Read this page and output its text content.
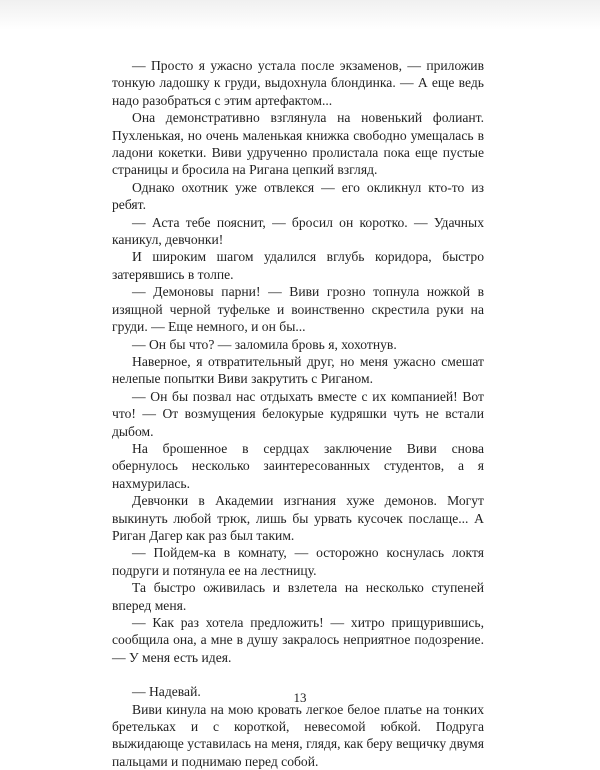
— Просто я ужасно устала после экзаменов, — приложив тонкую ладошку к груди, выдохнула блондинка. — А еще ведь надо разобраться с этим артефактом...

Она демонстративно взглянула на новенький фолиант. Пухленькая, но очень маленькая книжка свободно умещалась в ладони кокетки. Виви удрученно пролистала пока еще пустые страницы и бросила на Ригана цепкий взгляд.

Однако охотник уже отвлекся — его окликнул кто-то из ребят.

— Аста тебе пояснит, — бросил он коротко. — Удачных каникул, девчонки!

И широким шагом удалился вглубь коридора, быстро затерявшись в толпе.

— Демоновы парни! — Виви грозно топнула ножкой в изящной черной туфельке и воинственно скрестила руки на груди. — Еще немного, и он бы...

— Он бы что? — заломила бровь я, хохотнув.

Наверное, я отвратительный друг, но меня ужасно смешат нелепые попытки Виви закрутить с Риганом.

— Он бы позвал нас отдыхать вместе с их компанией! Вот что! — От возмущения белокурые кудряшки чуть не встали дыбом.

На брошенное в сердцах заключение Виви снова обернулось несколько заинтересованных студентов, а я нахмурилась.

Девчонки в Академии изгнания хуже демонов. Могут выкинуть любой трюк, лишь бы урвать кусочек послаще... А Риган Дагер как раз был таким.

— Пойдем-ка в комнату, — осторожно коснулась локтя подруги и потянула ее на лестницу.

Та быстро оживилась и взлетела на несколько ступеней вперед меня.

— Как раз хотела предложить! — хитро прищурившись, сообщила она, а мне в душу закралось неприятное подозрение. — У меня есть идея.

— Надевай.

Виви кинула на мою кровать легкое белое платье на тонких бретельках и с короткой, невесомой юбкой. Подруга выжидающе уставилась на меня, глядя, как беру вещичку двумя пальцами и поднимаю перед собой.

13
